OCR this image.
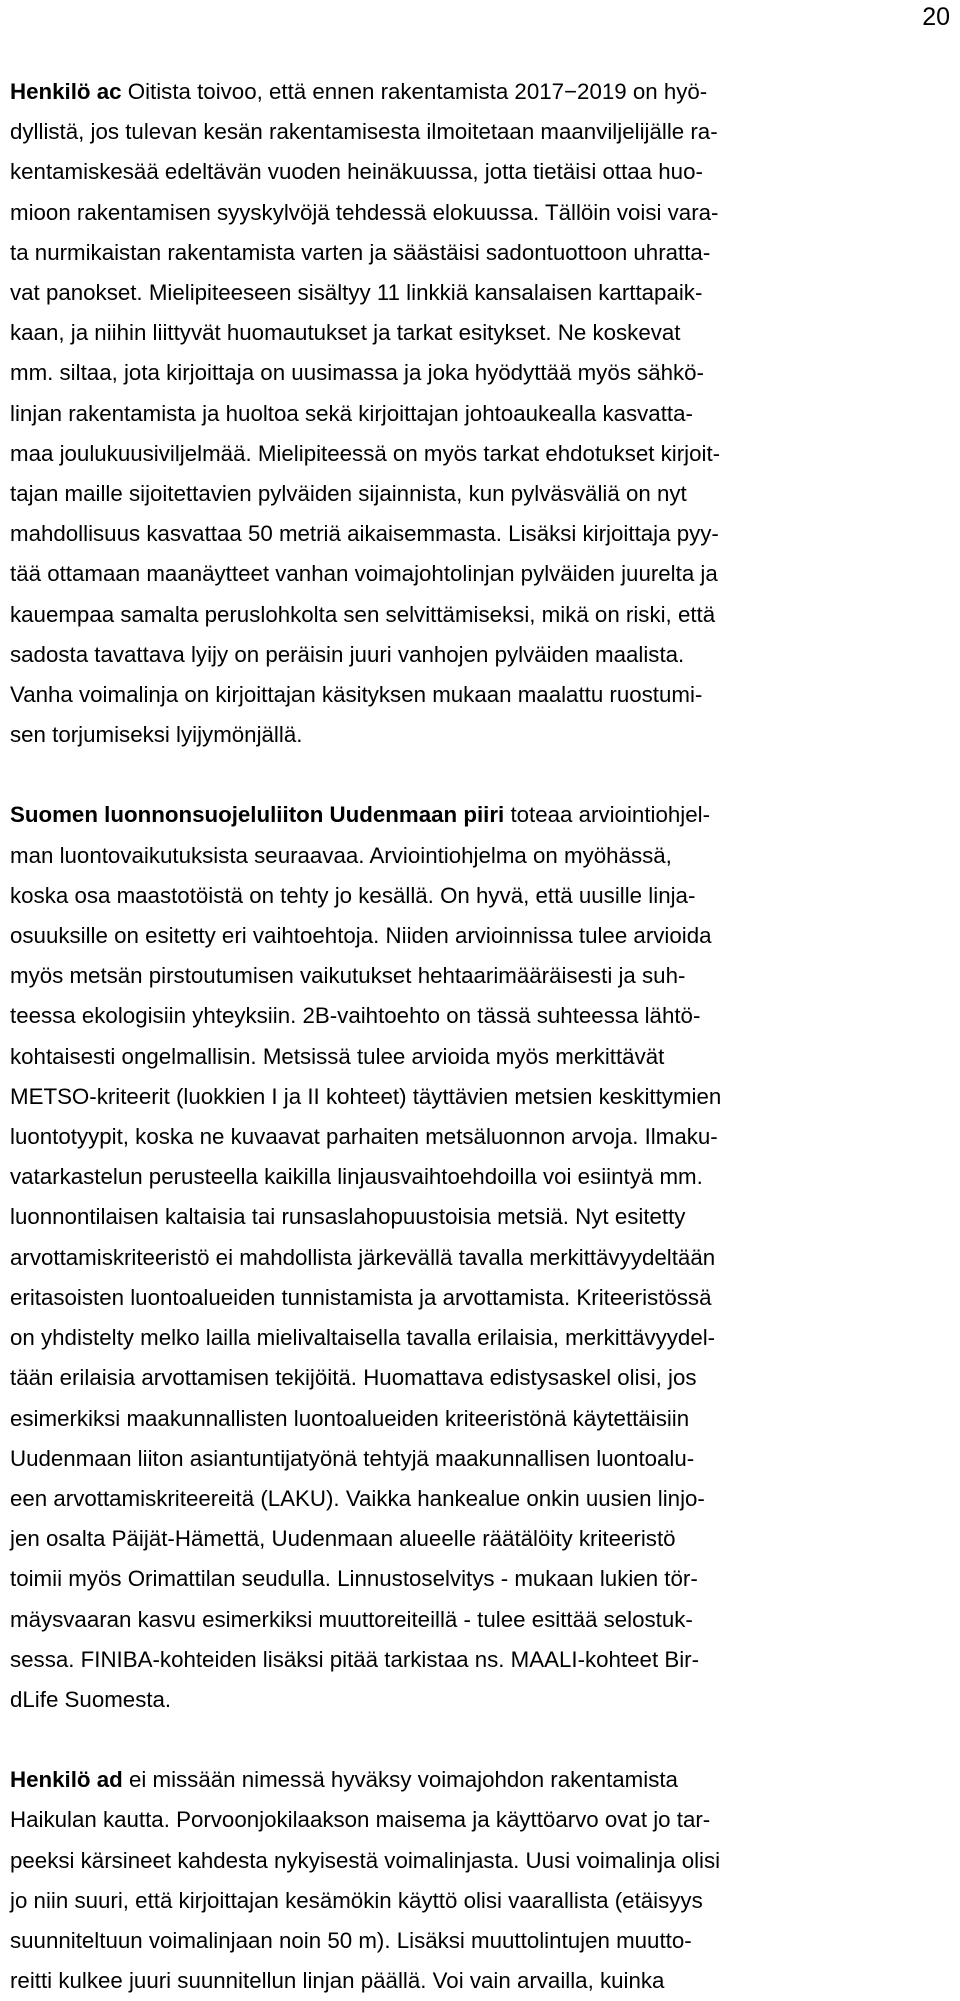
20

Henkilö ac Oitista toivoo, että ennen rakentamista 2017−2019 on hyö-
dyllistä, jos tulevan kesän rakentamisesta ilmoitetaan maanviljelijälle ra-
kentamiskesää edeltävän vuoden heinäkuussa, jotta tietäisi ottaa huo-
mioon rakentamisen syyskylvöjä tehdessä elokuussa. Tällöin voisi vara-
ta nurmikaistan rakentamista varten ja säästäisi sadontuottoon uhratta-
vat panokset. Mielipiteeseen sisältyy 11 linkkiä kansalaisen karttapaik-
kaan, ja niihin liittyvät huomautukset ja tarkat esitykset. Ne koskevat
mm. siltaa, jota kirjoittaja on uusimassa ja joka hyödyttää myös sähkö-
linjan rakentamista ja huoltoa sekä kirjoittajan johtoaukealla kasvatta-
maa joulukuusiviljelmää. Mielipiteessä on myös tarkat ehdotukset kirjoit-
tajan maille sijoitettavien pylväiden sijainnista, kun pylväsväliä on nyt
mahdollisuus kasvattaa 50 metriä aikaisemmasta. Lisäksi kirjoittaja pyy-
tää ottamaan maanäytteet vanhan voimajohtolinjan pylväiden juurelta ja
kauempaa samalta peruslohkolta sen selvittämiseksi, mikä on riski, että
sadosta tavattava lyijy on peräisin juuri vanhojen pylväiden maalista.
Vanha voimalinja on kirjoittajan käsityksen mukaan maalattu ruostumi-
sen torjumiseksi lyijymönjällä.

Suomen luonnonsuojeluliiton Uudenmaan piiri toteaa arviointiohjel-
man luontovaikutuksista seuraavaa. Arviointiohjelma on myöhässä,
koska osa maastotöistä on tehty jo kesällä. On hyvä, että uusille linja-
osuuksille on esitetty eri vaihtoehtoja. Niiden arvioinnissa tulee arvioida
myös metsän pirstoutumisen vaikutukset hehtaarimääräisesti ja suh-
teessa ekologisiin yhteyksiin. 2B-vaihtoehto on tässä suhteessa lähtö-
kohtaisesti ongelmallisin. Metsissä tulee arvioida myös merkittävät
METSO-kriteerit (luokkien I ja II kohteet) täyttävien metsien keskittymien
luontotyypit, koska ne kuvaavat parhaiten metsäluonnon arvoja. Ilmaku-
vatarkastelun perusteella kaikilla linjausvaihtoehdoilla voi esiintyä mm.
luonnontilaisen kaltaisia tai runsaslahopuustoisia metsiä. Nyt esitetty
arvottamiskriteeristö ei mahdollista järkevällä tavalla merkittävyydeltään
eritasoisten luontoalueiden tunnistamista ja arvottamista. Kriteeristössä
on yhdistelty melko lailla mielivaltaisella tavalla erilaisia, merkittävyydel-
tään erilaisia arvottamisen tekijöitä. Huomattava edistysaskel olisi, jos
esimerkiksi maakunnallisten luontoalueiden kriteeristönä käytettäisiin
Uudenmaan liiton asiantuntijatyönä tehtyjä maakunnallisen luontoalu-
een arvottamiskriteereitä (LAKU). Vaikka hankealue onkin uusien linjo-
jen osalta Päijät-Hämettä, Uudenmaan alueelle räätälöity kriteeristö
toimii myös Orimattilan seudulla. Linnustoselvitys - mukaan lukien tör-
mäysvaaran kasvu esimerkiksi muuttoreiteillä - tulee esittää selostuk-
sessa. FINIBA-kohteiden lisäksi pitää tarkistaa ns. MAALI-kohteet Bir-
dLife Suomesta.

Henkilö ad ei missään nimessä hyväksy voimajohdon rakentamista
Haikulan kautta. Porvoonjokilaakson maisema ja käyttöarvo ovat jo tar-
peeksi kärsineet kahdesta nykyisestä voimalinjasta. Uusi voimalinja olisi
jo niin suuri, että kirjoittajan kesämökin käyttö olisi vaarallista (etäisyys
suunniteltuun voimalinjaan noin 50 m). Lisäksi muuttolintujen muutto-
reitti kulkee juuri suunnitellun linjan päällä. Voi vain arvailla, kuinka
